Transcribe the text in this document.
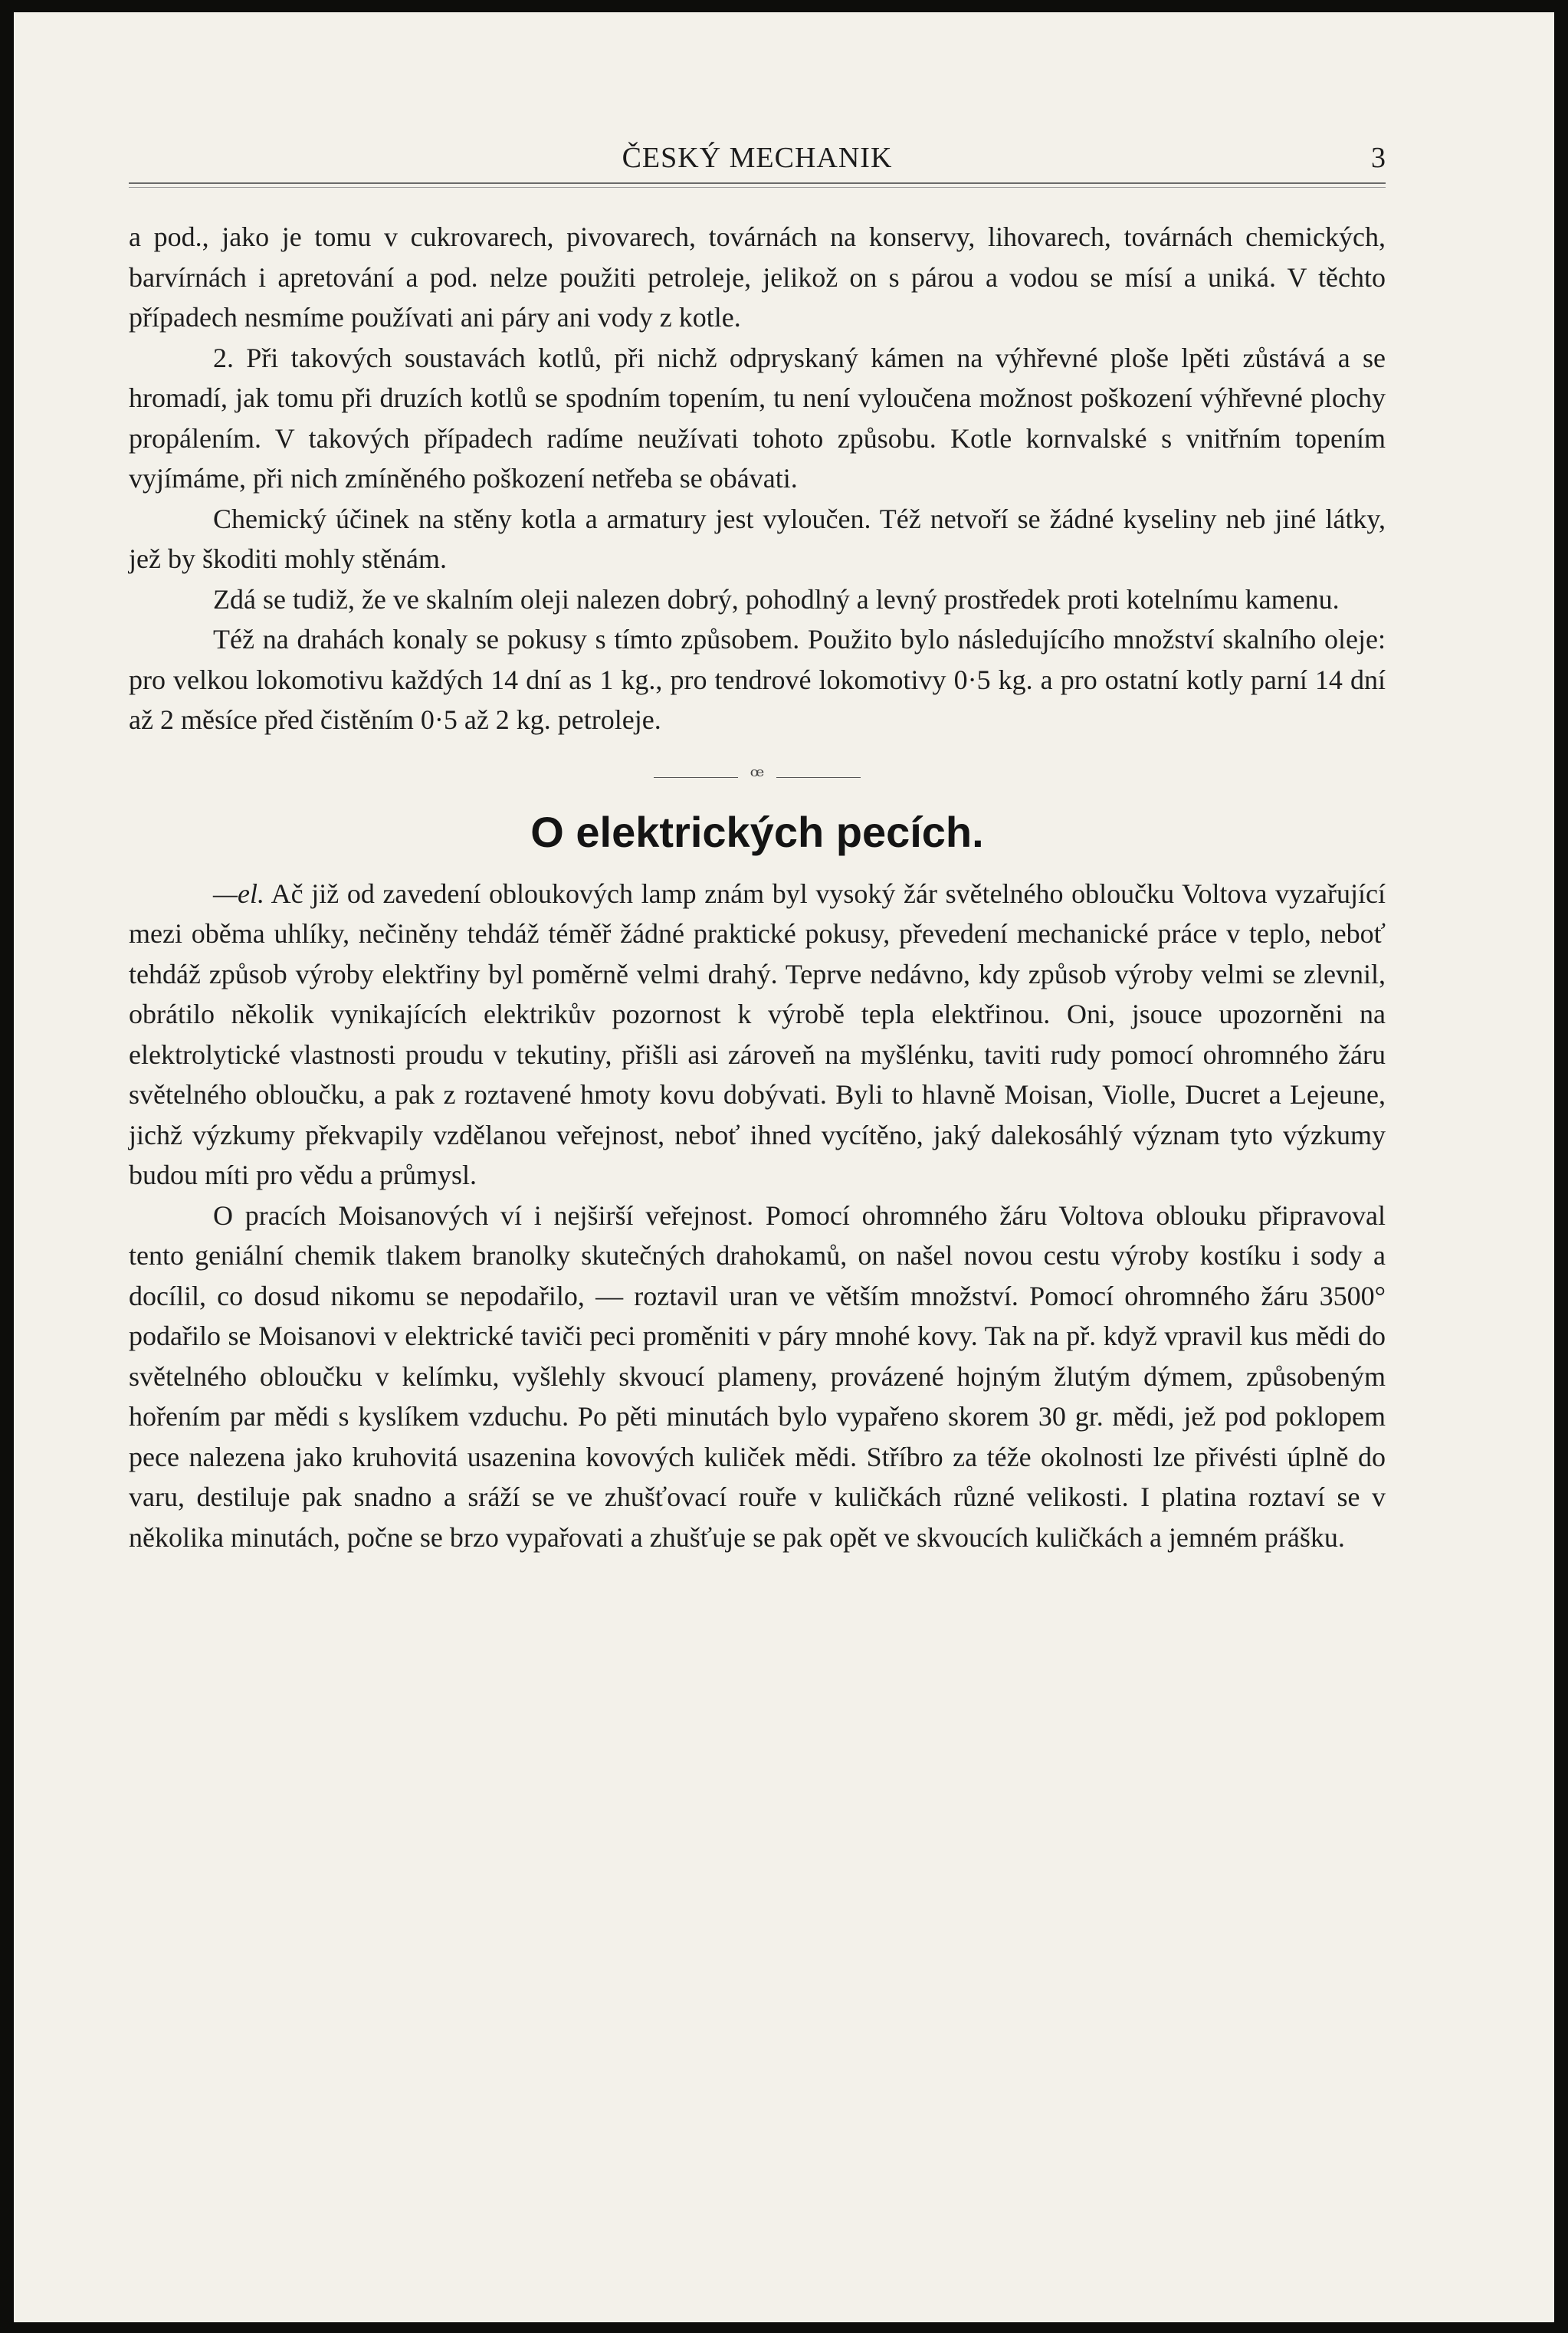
ČESKÝ MECHANIK	3

a pod., jako je tomu v cukrovarech, pivovarech, továrnách na konservy, lihovarech, továrnách chemických, barvírnách i apretování a pod. nelze použiti petroleje, jelikož on s párou a vodou se mísí a uniká. V těchto případech nesmíme používati ani páry ani vody z kotle.

2. Při takových soustavách kotlů, při nichž odpryskaný kámen na výhřevné ploše lpěti zůstává a se hromadí, jak tomu při druzích kotlů se spodním topením, tu není vyloučena možnost poškození výhřevné plochy propálením. V takových případech radíme neužívati tohoto způsobu. Kotle kornvalské s vnitřním topením vyjímáme, při nich zmíněného poškození netřeba se obávati.

Chemický účinek na stěny kotla a armatury jest vyloučen. Též netvoří se žádné kyseliny neb jiné látky, jež by škoditi mohly stěnám.

Zdá se tudiž, že ve skalním oleji nalezen dobrý, pohodlný a levný prostředek proti kotelnímu kamenu.

Též na drahách konaly se pokusy s tímto způsobem. Použito bylo následujícího množství skalního oleje: pro velkou lokomotivu každých 14 dní as 1 kg., pro tendrové lokomotivy 0·5 kg. a pro ostatní kotly parní 14 dní až 2 měsíce před čistěním 0·5 až 2 kg. petroleje.

ꟹ
O elektrických pecích.

—el. Ač již od zavedení obloukových lamp znám byl vysoký žár světelného obloučku Voltova vyzařující mezi oběma uhlíky, nečiněny tehdáž téměř žádné praktické pokusy, převedení mechanické práce v teplo, neboť tehdáž způsob výroby elektřiny byl poměrně velmi drahý. Teprve nedávno, kdy způsob výroby velmi se zlevnil, obrátilo několik vynikajících elektrikův pozornost k výrobě tepla elektřinou. Oni, jsouce upozorněni na elektrolytické vlastnosti proudu v tekutiny, přišli asi zároveň na myšlénku, taviti rudy pomocí ohromného žáru světelného obloučku, a pak z roztavené hmoty kovu dobývati. Byli to hlavně Moisan, Violle, Ducret a Lejeune, jichž výzkumy překvapily vzdělanou veřejnost, neboť ihned vycítěno, jaký dalekosáhlý význam tyto výzkumy budou míti pro vědu a průmysl.

O pracích Moisanových ví i nejširší veřejnost. Pomocí ohromného žáru Voltova oblouku připravoval tento geniální chemik tlakem branolky skutečných drahokamů, on našel novou cestu výroby kostíku i sody a docílil, co dosud nikomu se nepodařilo, — roztavil uran ve větším množství. Pomocí ohromného žáru 3500° podařilo se Moisanovi v elektrické taviči peci proměniti v páry mnohé kovy. Tak na př. když vpravil kus mědi do světelného obloučku v kelímku, vyšlehly skvoucí plameny, provázené hojným žlutým dýmem, způsobeným hořením par mědi s kyslíkem vzduchu. Po pěti minutách bylo vypařeno skorem 30 gr. mědi, jež pod poklopem pece nalezena jako kruhovitá usazenina kovových kuliček mědi. Stříbro za téže okolnosti lze přivésti úplně do varu, destiluje pak snadno a sráží se ve zhušťovací rouře v kuličkách různé velikosti. I platina roztaví se v několika minutách, počne se brzo vypařovati a zhušťuje se pak opět ve skvoucích kuličkách a jemném prášku.
